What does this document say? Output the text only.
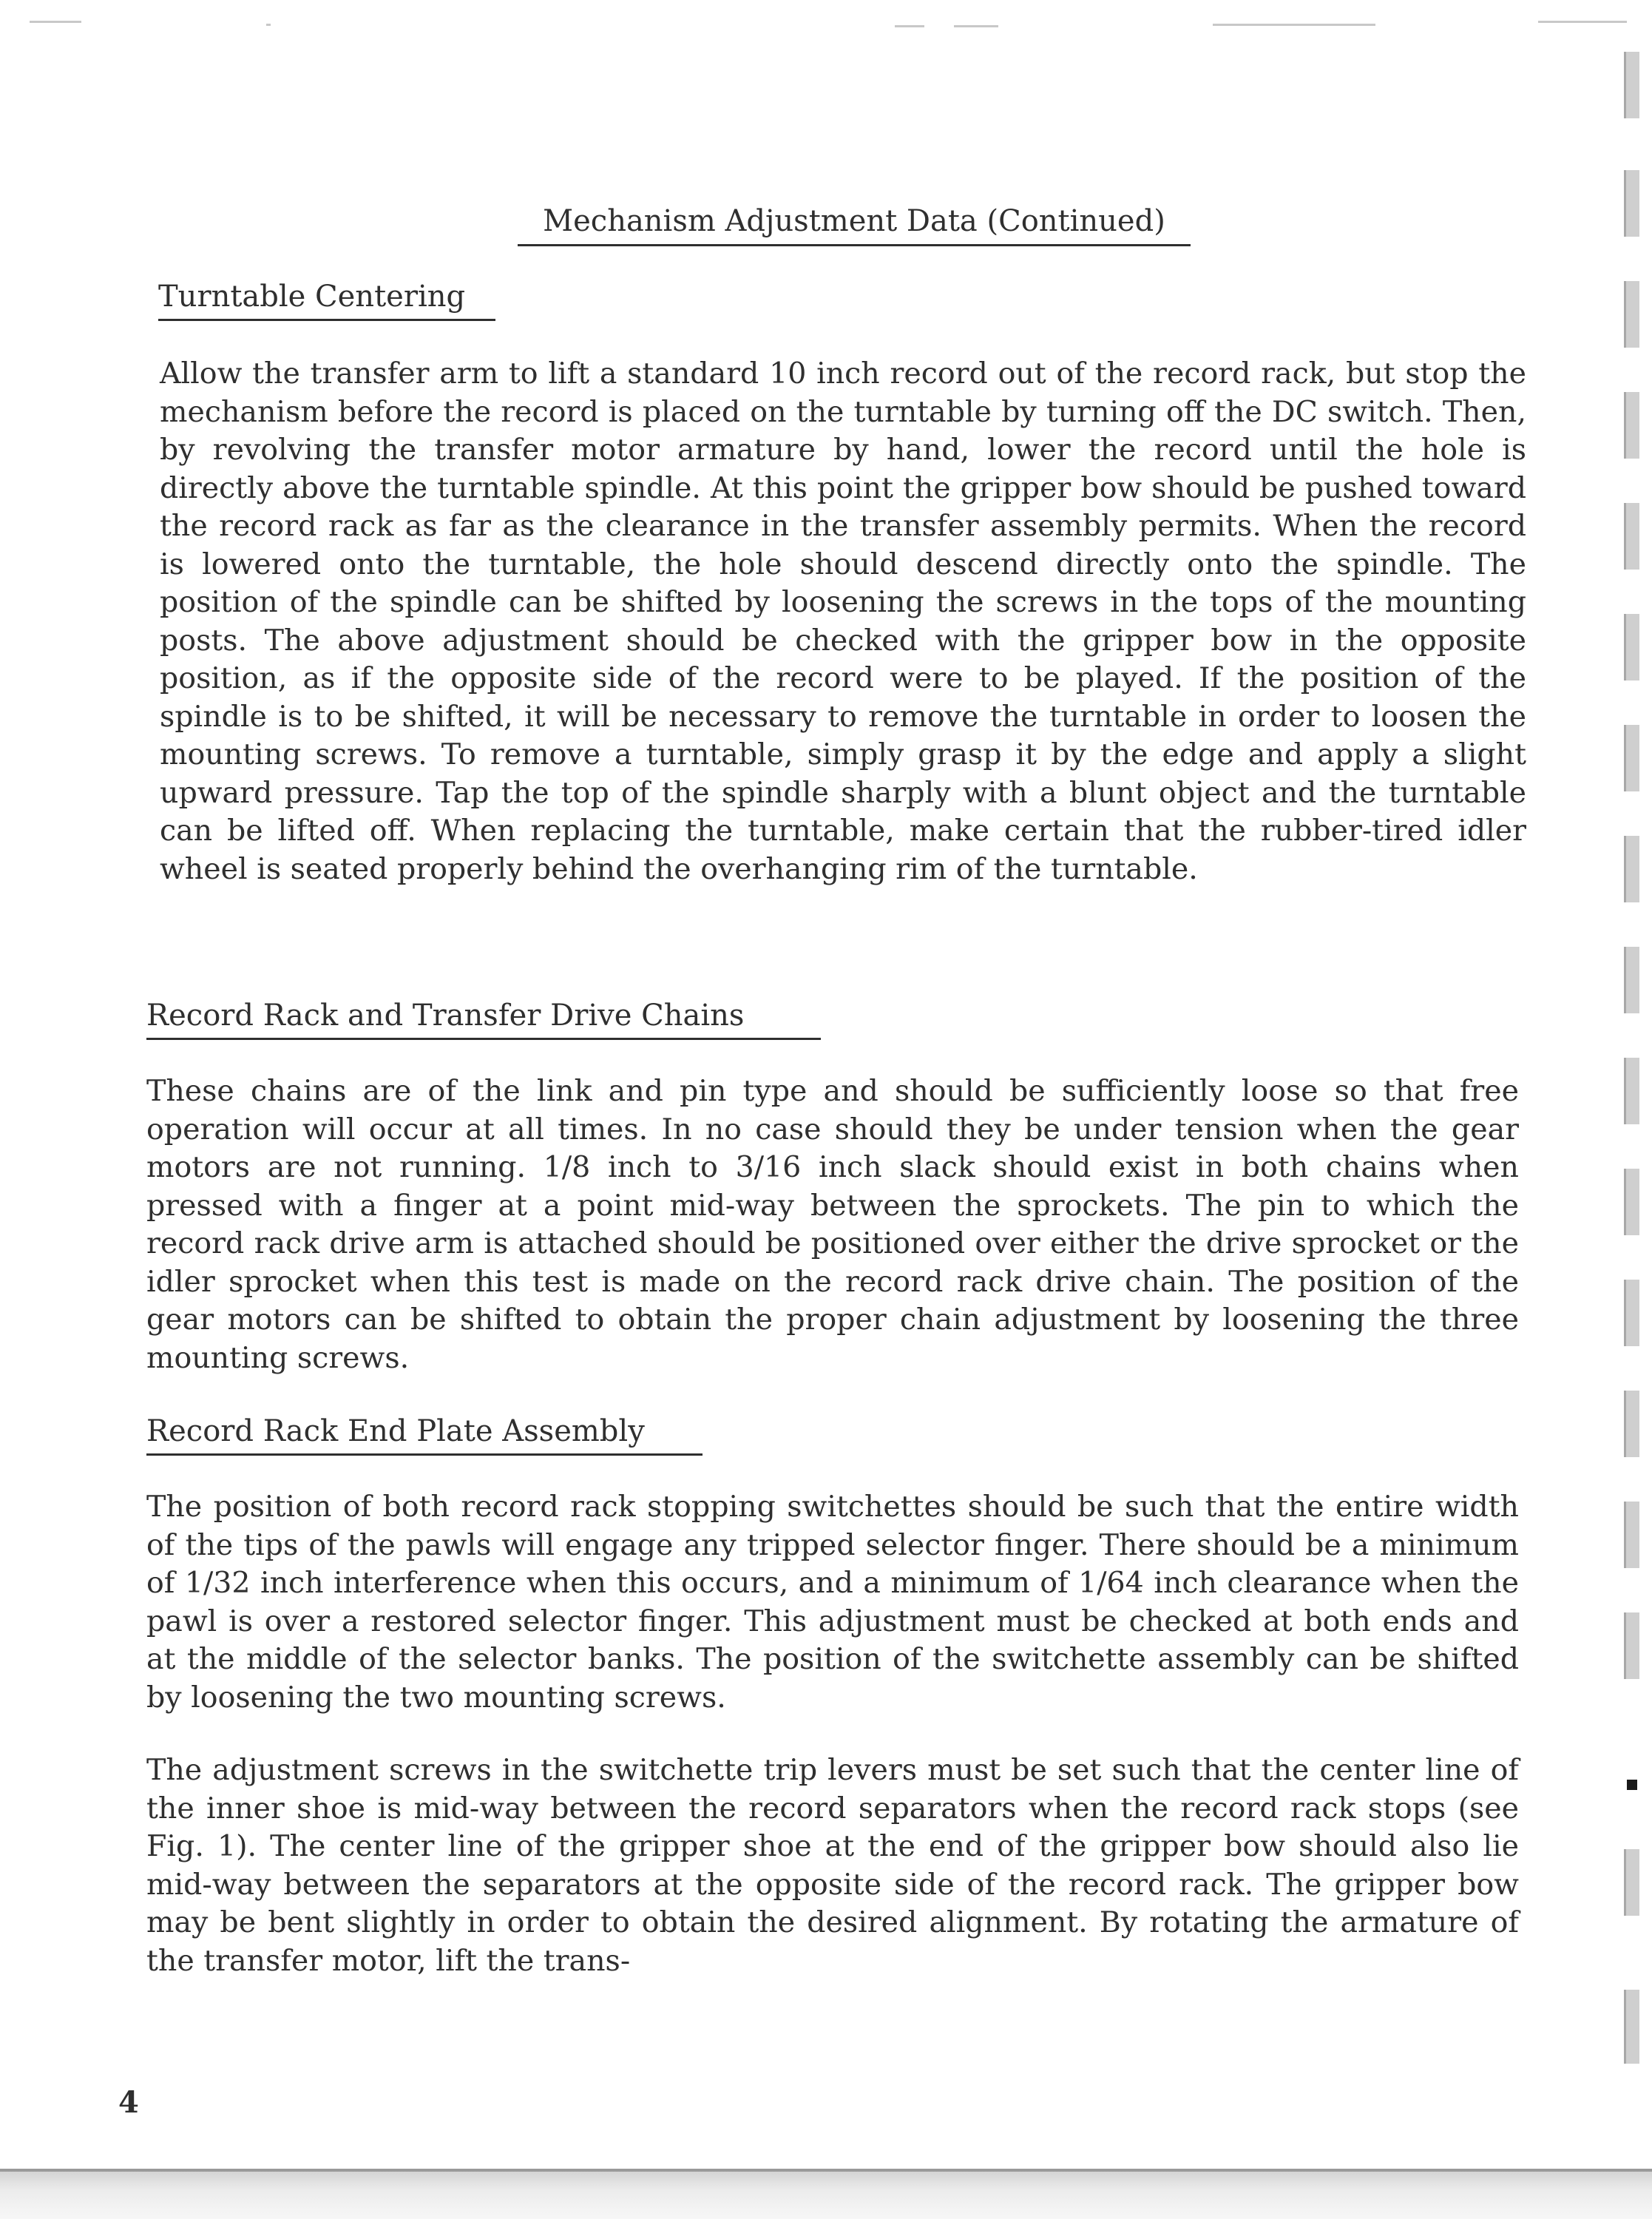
Mechanism Adjustment Data (Continued)
Turntable Centering

Allow the transfer arm to lift a standard 10 inch record out of the record rack, but stop the mechanism before the record is placed on the turntable by turning off the DC switch. Then, by revolving the transfer motor armature by hand, lower the record until the hole is directly above the turntable spindle. At this point the gripper bow should be pushed toward the record rack as far as the clearance in the transfer assembly permits. When the record is lowered onto the turntable, the hole should descend directly onto the spindle. The position of the spindle can be shifted by loosening the screws in the tops of the mounting posts. The above adjustment should be checked with the gripper bow in the opposite position, as if the opposite side of the record were to be played. If the position of the spindle is to be shifted, it will be necessary to remove the turntable in order to loosen the mounting screws. To remove a turntable, simply grasp it by the edge and apply a slight upward pressure. Tap the top of the spindle sharply with a blunt object and the turntable can be lifted off. When replacing the turntable, make certain that the rubber-tired idler wheel is seated properly behind the overhanging rim of the turntable.

Record Rack and Transfer Drive Chains

These chains are of the link and pin type and should be sufficiently loose so that free operation will occur at all times. In no case should they be under tension when the gear motors are not running. 1/8 inch to 3/16 inch slack should exist in both chains when pressed with a finger at a point mid-way between the sprockets. The pin to which the record rack drive arm is attached should be positioned over either the drive sprocket or the idler sprocket when this test is made on the record rack drive chain. The position of the gear motors can be shifted to obtain the proper chain adjustment by loosening the three mounting screws.

Record Rack End Plate Assembly

The position of both record rack stopping switchettes should be such that the entire width of the tips of the pawls will engage any tripped selector finger. There should be a minimum of 1/32 inch interference when this occurs, and a minimum of 1/64 inch clearance when the pawl is over a restored selector finger. This adjustment must be checked at both ends and at the middle of the selector banks. The position of the switchette assembly can be shifted by loosening the two mounting screws.

The adjustment screws in the switchette trip levers must be set such that the center line of the inner shoe is mid-way between the record separators when the record rack stops (see Fig. 1). The center line of the gripper shoe at the end of the gripper bow should also lie mid-way between the separators at the opposite side of the record rack. The gripper bow may be bent slightly in order to obtain the desired alignment. By rotating the armature of the transfer motor, lift the trans-

4
